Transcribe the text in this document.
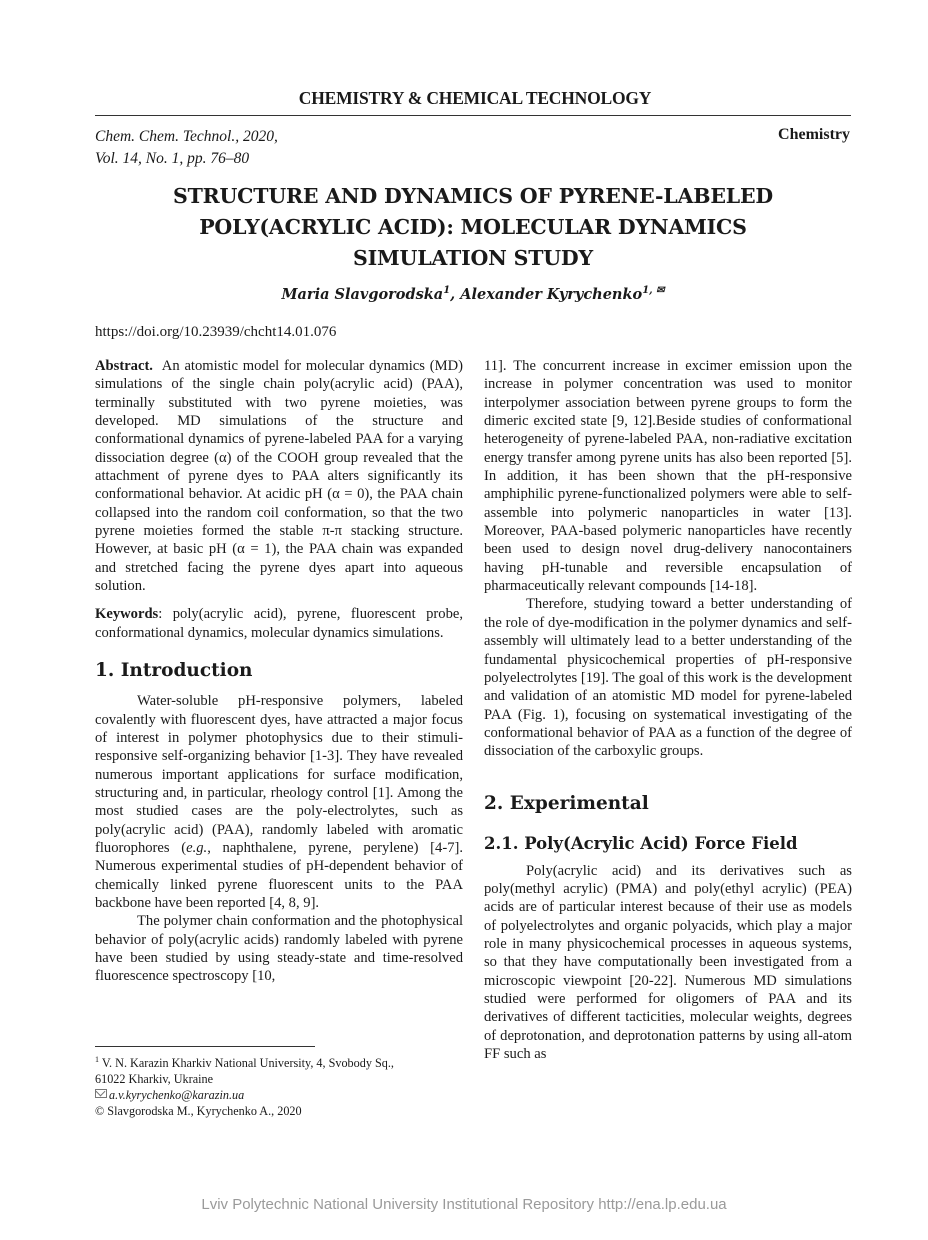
CHEMISTRY & CHEMICAL TECHNOLOGY
Chem. Chem. Technol., 2020,
Vol. 14, No. 1, pp. 76‒80
Chemistry
STRUCTURE AND DYNAMICS OF PYRENE-LABELED
POLY(ACRYLIC ACID): MOLECULAR DYNAMICS
SIMULATION STUDY
Maria Slavgorodska$^1$, Alexander Kyrychenko$^{1, ✉}$
https://doi.org/10.23939/chcht14.01.076

Abstract. An atomistic model for molecular dynamics (MD) simulations of the single chain poly(acrylic acid) (PAA), terminally substituted with two pyrene moieties, was developed. MD simulations of the structure and conformational dynamics of pyrene-labeled PAA for a varying dissociation degree (α) of the COOH group revealed that the attachment of pyrene dyes to PAA alters significantly its conformational behavior. At acidic pH (α = 0), the PAA chain collapsed into the random coil conformation, so that the two pyrene moieties formed the stable π-π stacking structure. However, at basic pH (α = 1), the PAA chain was expanded and stretched facing the pyrene dyes apart into aqueous solution.

Keywords: poly(acrylic acid), pyrene, fluorescent probe, conformational dynamics, molecular dynamics simulations.

1. Introduction

Water-soluble pH-responsive polymers, labeled covalently with fluorescent dyes, have attracted a major focus of interest in polymer photophysics due to their stimuli-responsive self-organizing behavior [1-3]. They have revealed numerous important applications for surface modification, structuring and, in particular, rheology control [1]. Among the most studied cases are the poly-electrolytes, such as poly(acrylic acid) (PAA), randomly labeled with aromatic fluorophores (e.g., naphthalene, pyrene, perylene) [4-7]. Numerous experimental studies of pH-dependent behavior of chemically linked pyrene fluorescent units to the PAA backbone have been reported [4, 8, 9].

The polymer chain conformation and the photophysical behavior of poly(acrylic acids) randomly labeled with pyrene have been studied by using steady-state and time-resolved fluorescence spectroscopy [10,

11]. The concurrent increase in excimer emission upon the increase in polymer concentration was used to monitor interpolymer association between pyrene groups to form the dimeric excited state [9, 12].Beside studies of conformational heterogeneity of pyrene-labeled PAA, non-radiative excitation energy transfer among pyrene units has also been reported [5]. In addition, it has been shown that the pH-responsive amphiphilic pyrene-functionalized polymers were able to self-assemble into polymeric nanoparticles in water [13]. Moreover, PAA-based polymeric nanoparticles have recently been used to design novel drug-delivery nanocontainers having pH-tunable and reversible encapsulation of pharmaceutically relevant compounds [14-18].

Therefore, studying toward a better understanding of the role of dye-modification in the polymer dynamics and self-assembly will ultimately lead to a better understanding of the fundamental physicochemical properties of pH-responsive polyelectrolytes [19]. The goal of this work is the development and validation of an atomistic MD model for pyrene-labeled PAA (Fig. 1), focusing on systematical investigating of the conformational behavior of PAA as a function of the degree of dissociation of the carboxylic groups.

2. Experimental
2.1. Poly(Acrylic Acid) Force Field

Poly(acrylic acid) and its derivatives such as poly(methyl acrylic) (PMA) and poly(ethyl acrylic) (PEA) acids are of particular interest because of their use as models of polyelectrolytes and organic polyacids, which play a major role in many physicochemical processes in aqueous systems, so that they have computationally been investigated from a microscopic viewpoint [20-22]. Numerous MD simulations studied were performed for oligomers of PAA and its derivatives of different tacticities, molecular weights, degrees of deprotonation, and deprotonation patterns by using all-atom FF such as

$^1$ V. N. Karazin Kharkiv National University, 4, Svobody Sq.,
61022 Kharkiv, Ukraine
a.v.kyrychenko@karazin.ua
© Slavgorodska M., Kyrychenko A., 2020
Lviv Polytechnic National University Institutional Repository http://ena.lp.edu.ua
